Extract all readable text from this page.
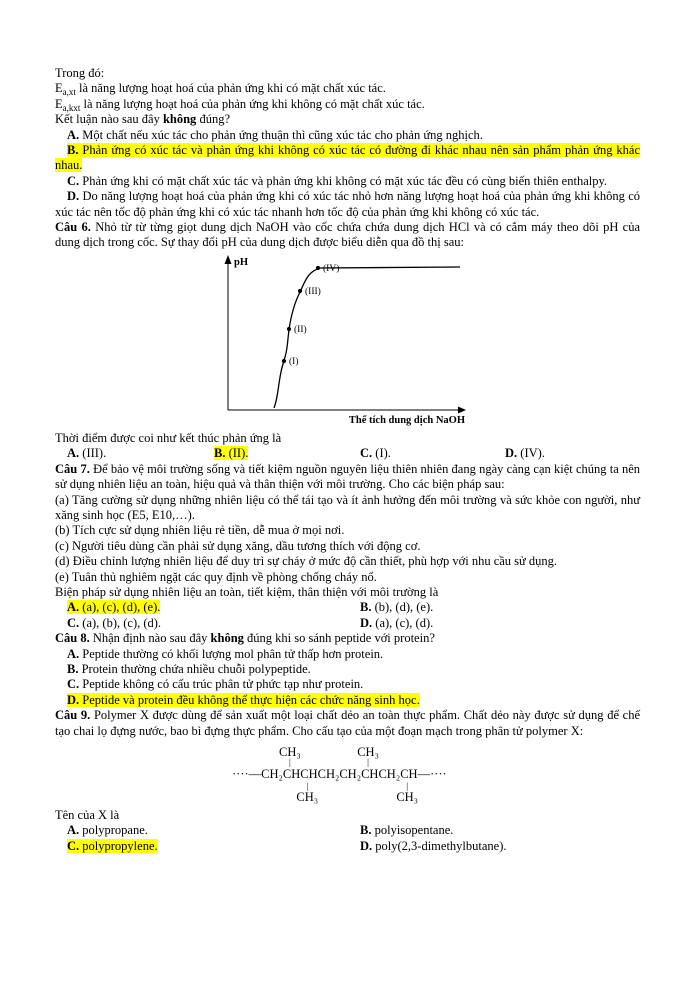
Trong đó:

$E_{a,xt}$ là năng lượng hoạt hoá của phản ứng khi có mặt chất xúc tác.

$E_{a,kxt}$ là năng lượng hoạt hoá của phản ứng khi không có mặt chất xúc tác.

Kết luận nào sau đây không đúng?

A. Một chất nếu xúc tác cho phản ứng thuận thì cũng xúc tác cho phản ứng nghịch.

B. Phản ứng có xúc tác và phản ứng khi không có xúc tác có đường đi khác nhau nên sản phẩm phản ứng khác nhau.

C. Phản ứng khi có mặt chất xúc tác và phản ứng khi không có mặt xúc tác đều có cùng biến thiên enthalpy.

D. Do năng lượng hoạt hoá của phản ứng khi có xúc tác nhỏ hơn năng lượng hoạt hoá của phản ứng khi không có xúc tác nên tốc độ phản ứng khi có xúc tác nhanh hơn tốc độ của phản ứng khi không có xúc tác.

Câu 6. Nhỏ từ từ từng giọt dung dịch NaOH vào cốc chứa chứa dung dịch HCl và có cắm máy theo dõi pH của dung dịch trong cốc. Sự thay đổi pH của dung dịch được biểu diễn qua đồ thị sau:

(I)
(II)
(III)
(IV)
pH
Thể tích dung dịch NaOH

Thời điểm được coi như kết thúc phản ứng là

A. (III).	B. (II).	C. (I).	D. (IV).

Câu 7. Để bảo vệ môi trường sống và tiết kiệm nguồn nguyên liệu thiên nhiên đang ngày càng cạn kiệt chúng ta nên sử dụng nhiên liệu an toàn, hiệu quả và thân thiện với môi trường. Cho các biện pháp sau:

(a) Tăng cường sử dụng những nhiên liệu có thể tái tạo và ít ảnh hưởng đến môi trường và sức khỏe con người, như xăng sinh học (E5, E10,…).

(b) Tích cực sử dụng nhiên liệu rẻ tiền, dễ mua ở mọi nơi.

(c) Người tiêu dùng cần phải sử dụng xăng, dầu tương thích với động cơ.

(d) Điều chỉnh lượng nhiên liệu để duy trì sự cháy ở mức độ cần thiết, phù hợp với nhu cầu sử dụng.

(e) Tuân thủ nghiêm ngặt các quy định về phòng chống cháy nổ.

Biện pháp sử dụng nhiên liệu an toàn, tiết kiệm, thân thiện với môi trường là

A. (a), (c), (d), (e).	B. (b), (d), (e).
C. (a), (b), (c), (d).	D. (a), (c), (d).

Câu 8. Nhận định nào sau đây không đúng khi so sánh peptide với protein?

A. Peptide thường có khối lượng mol phân tử thấp hơn protein.

B. Protein thường chứa nhiều chuỗi polypeptide.

C. Peptide không có cấu trúc phân tử phức tạp như protein.

D. Peptide và protein đều không thể thực hiện các chức năng sinh học.

Câu 9. Polymer X được dùng để sản xuất một loại chất dẻo an toàn thực phẩm. Chất dẻo này được sử dụng để chế tạo chai lọ đựng nước, bao bì đựng thực phẩm. Cho cấu tạo của một đoạn mạch trong phân tử polymer X:

····—CH₂
CH₃
|
CH
|
CH₃
CHCH₂CH₂
CH₃
|
CHCH₂
|
CH₃
CH—····

Tên của X là

A. polypropane.	B. polyisopentane.
C. polypropylene.	D. poly(2,3-dimethylbutane).
